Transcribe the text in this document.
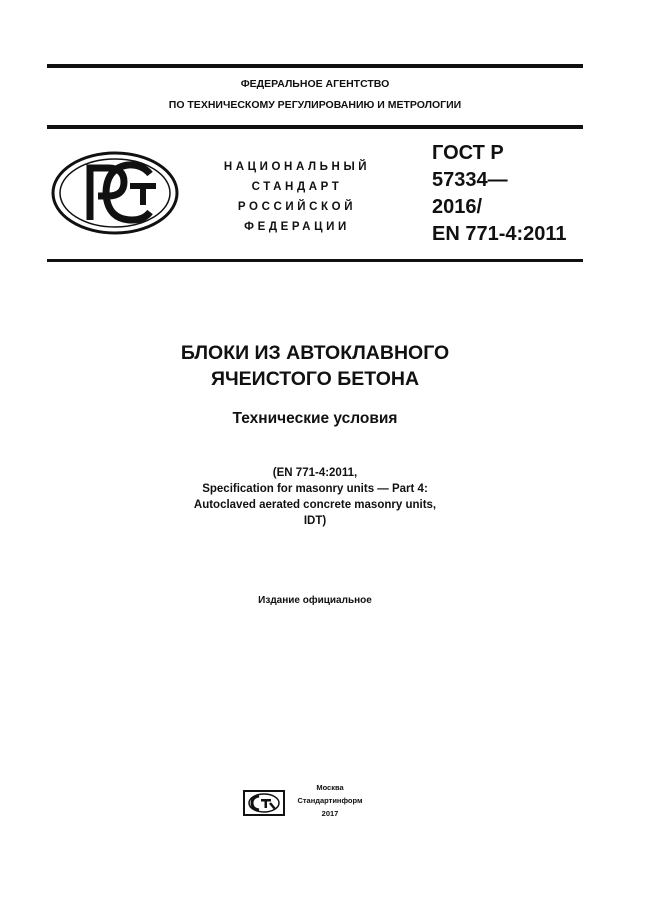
ФЕДЕРАЛЬНОЕ АГЕНТСТВО
ПО ТЕХНИЧЕСКОМУ РЕГУЛИРОВАНИЮ И МЕТРОЛОГИИ
НАЦИОНАЛЬНЫЙ
СТАНДАРТ
РОССИЙСКОЙ
ФЕДЕРАЦИИ
ГОСТ Р
57334—
2016/
EN 771-4:2011
БЛОКИ ИЗ АВТОКЛАВНОГО
ЯЧЕИСТОГО БЕТОНА
Технические условия
(EN 771-4:2011,
Specification for masonry units — Part 4:
Autoclaved aerated concrete masonry units,
IDT)
Издание официальное
Москва
Стандартинформ
2017
